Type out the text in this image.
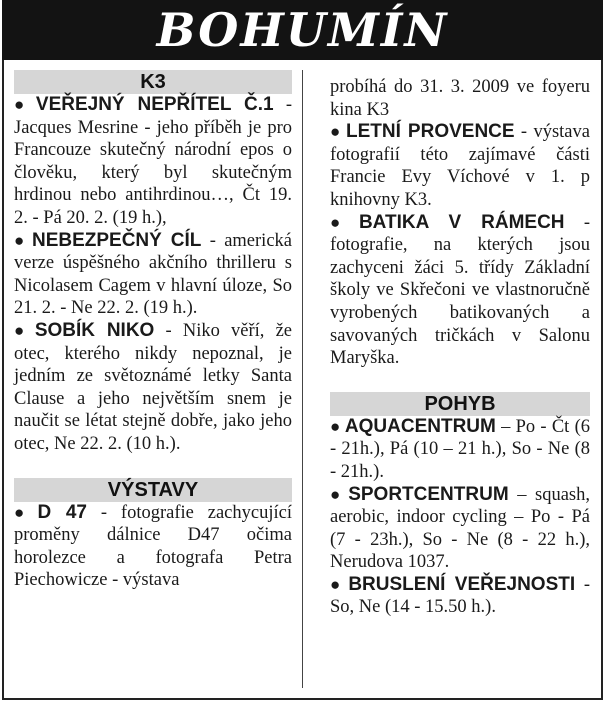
BOHUMÍN
K3

● VEŘEJNÝ NEPŘÍTEL Č.1 - Jacques Mesrine - jeho příběh je pro Francouze skutečný národní epos o člověku, který byl skutečným hrdinou nebo antihrdinou…, Čt 19. 2. - Pá 20. 2. (19 h.),

● NEBEZPEČNÝ CÍL - americká verze úspěšného akčního thrilleru s Nicolasem Cagem v hlavní úloze, So 21. 2. - Ne 22. 2. (19 h.).

● SOBÍK NIKO - Niko věří, že otec, kterého nikdy nepoznal, je jedním ze světoznámé letky Santa Clause a jeho největším snem je naučit se létat stejně dobře, jako jeho otec, Ne 22. 2. (10 h.).

VÝSTAVY

● D 47 - fotografie zachycující proměny dálnice D47 očima horolezce a fotografa Petra Piechowicze - výstava

probíhá do 31. 3. 2009 ve foyeru kina K3

● LETNÍ PROVENCE - výstava fotografií této zajímavé části Francie Evy Víchové v 1. p knihovny K3.

● BATIKA V RÁMECH - fotografie, na kterých jsou zachyceni žáci 5. třídy Základní školy ve Skřečoni ve vlastnoručně vyrobených batikovaných a savovaných tričkách v Salonu Maryška.

POHYB

● AQUACENTRUM – Po - Čt (6 - 21h.), Pá (10 – 21 h.), So - Ne (8 - 21h.).

● SPORTCENTRUM – squash, aerobic, indoor cycling – Po - Pá (7 - 23h.), So - Ne (8 - 22 h.), Nerudova 1037.

● BRUSLENÍ VEŘEJNOSTI - So, Ne (14 - 15.50 h.).
